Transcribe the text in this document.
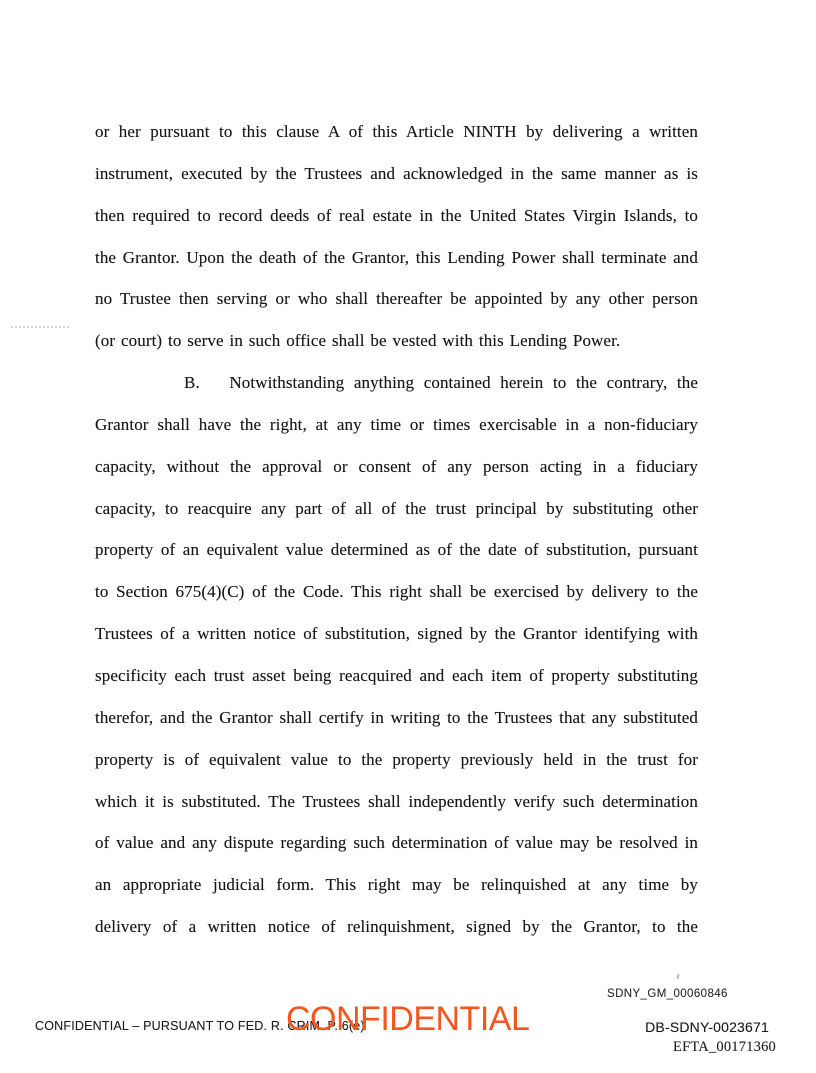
or her pursuant to this clause A of this Article NINTH by delivering a written
instrument, executed by the Trustees and acknowledged in the same manner as is
then required to record deeds of real estate in the United States Virgin Islands, to
the Grantor. Upon the death of the Grantor, this Lending Power shall terminate and
no Trustee then serving or who shall thereafter be appointed by any other person
(or court) to serve in such office shall be vested with this Lending Power.
B. Notwithstanding anything contained herein to the contrary, the
Grantor shall have the right, at any time or times exercisable in a non-fiduciary
capacity, without the approval or consent of any person acting in a fiduciary
capacity, to reacquire any part of all of the trust principal by substituting other
property of an equivalent value determined as of the date of substitution, pursuant
to Section 675(4)(C) of the Code. This right shall be exercised by delivery to the
Trustees of a written notice of substitution, signed by the Grantor identifying with
specificity each trust asset being reacquired and each item of property substituting
therefor, and the Grantor shall certify in writing to the Trustees that any substituted
property is of equivalent value to the property previously held in the trust for
which it is substituted. The Trustees shall independently verify such determination
of value and any dispute regarding such determination of value may be resolved in
an appropriate judicial form. This right may be relinquished at any time by
delivery of a written notice of relinquishment, signed by the Grantor, to the
SDNY_GM_00060846
CONFIDENTIAL – PURSUANT TO FED. R. CRIM. P. 6(e)
CONFIDENTIAL	DB-SDNY-0023671
EFTA_00171360
